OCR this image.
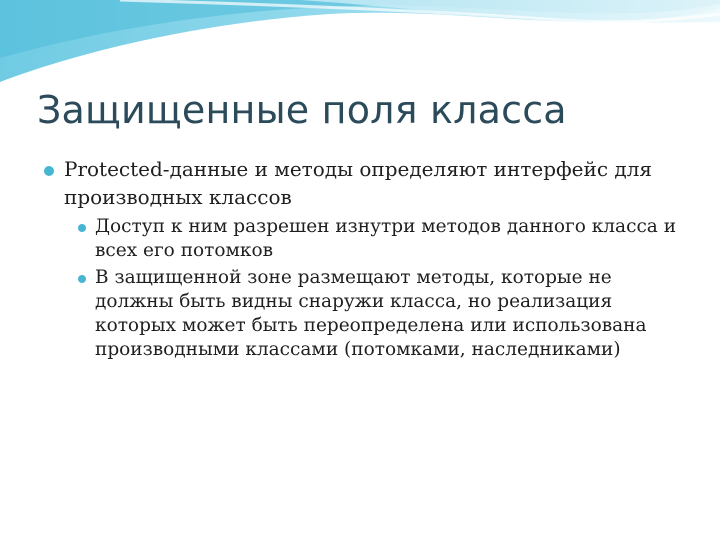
Защищенные поля класса
Protected-данные и методы определяют интерфейс для производных классов
Доступ к ним разрешен изнутри методов данного класса и всех его потомков
В защищенной зоне размещают методы, которые не должны быть видны снаружи класса, но реализация которых может быть переопределена или использована производными классами (потомками, наследниками)
